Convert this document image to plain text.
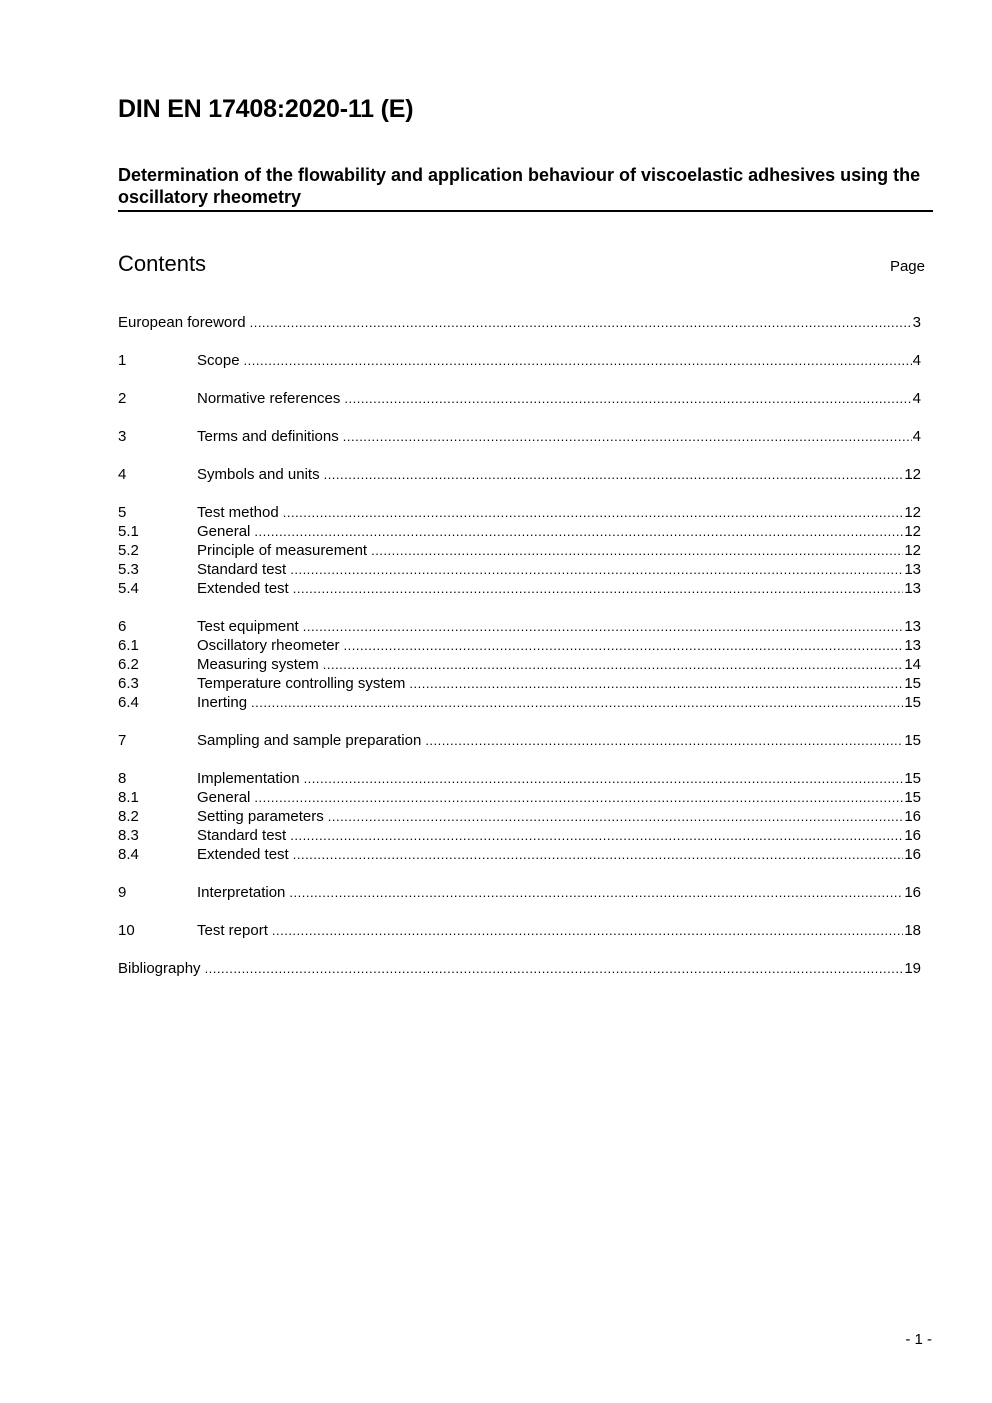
DIN EN 17408:2020-11 (E)
Determination of the flowability and application behaviour of viscoelastic adhesives using the oscillatory rheometry
Contents	Page
European foreword .....	3
1	Scope .....	4
2	Normative references .....	4
3	Terms and definitions .....	4
4	Symbols and units .....	12
5	Test method .....	12
5.1	General .....	12
5.2	Principle of measurement .....	12
5.3	Standard test .....	13
5.4	Extended test .....	13
6	Test equipment .....	13
6.1	Oscillatory rheometer .....	13
6.2	Measuring system .....	14
6.3	Temperature controlling system .....	15
6.4	Inerting .....	15
7	Sampling and sample preparation .....	15
8	Implementation .....	15
8.1	General .....	15
8.2	Setting parameters .....	16
8.3	Standard test .....	16
8.4	Extended test .....	16
9	Interpretation .....	16
10	Test report .....	18
Bibliography .....	19
- 1 -
